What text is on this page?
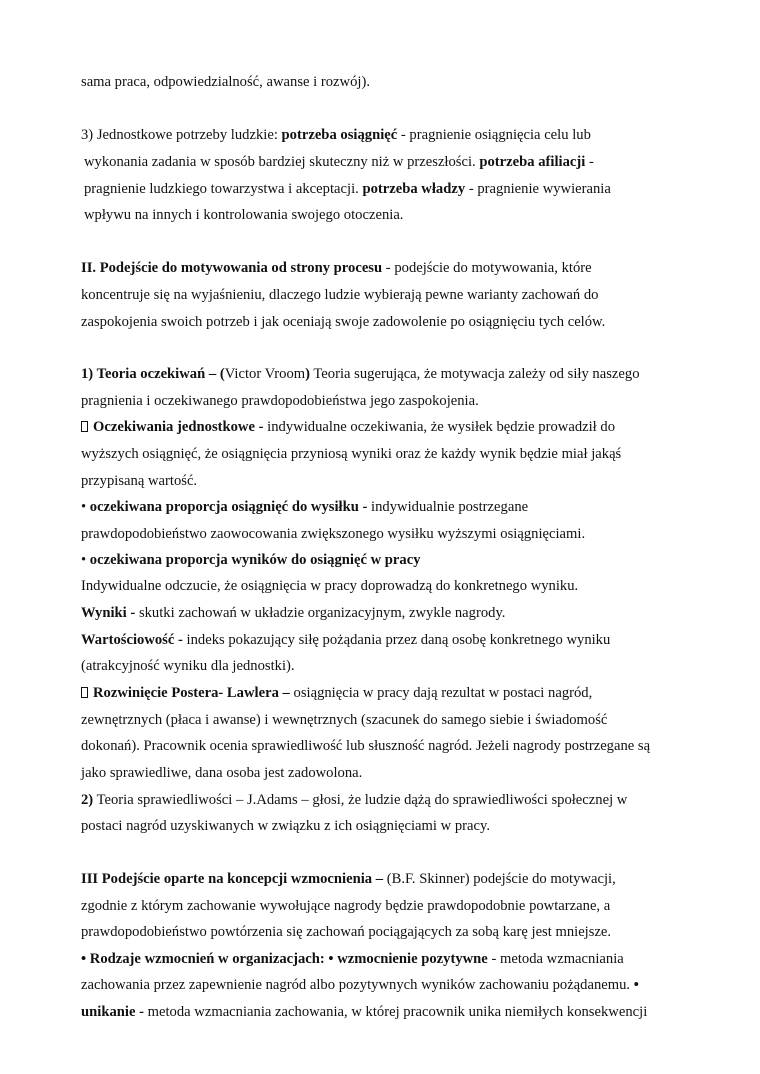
sama praca, odpowiedzialność, awanse i rozwój).
3) Jednostkowe potrzeby ludzkie: potrzeba osiągnięć - pragnienie osiągnięcia celu lub
wykonania zadania w sposób bardziej skuteczny niż w przeszłości. potrzeba afiliacji -
pragnienie ludzkiego towarzystwa i akceptacji. potrzeba władzy - pragnienie wywierania
wpływu na innych i kontrolowania swojego otoczenia.
II. Podejście do motywowania od strony procesu - podejście do motywowania, które
koncentruje się na wyjaśnieniu, dlaczego ludzie wybierają pewne warianty zachowań do
zaspokojenia swoich potrzeb i jak oceniają swoje zadowolenie po osiągnięciu tych celów.
1) Teoria oczekiwań – (Victor Vroom) Teoria sugerująca, że motywacja zależy od siły naszego
pragnienia i oczekiwanego prawdopodobieństwa jego zaspokojenia.
Oczekiwania jednostkowe - indywidualne oczekiwania, że wysiłek będzie prowadził do
wyższych osiągnięć, że osiągnięcia przyniosą wyniki oraz że każdy wynik będzie miał jakąś
przypisaną wartość.
• oczekiwana proporcja osiągnięć do wysiłku - indywidualnie postrzegane
prawdopodobieństwo zaowocowania zwiększonego wysiłku wyższymi osiągnięciami.
• oczekiwana proporcja wyników do osiągnięć w pracy
Indywidualne odczucie, że osiągnięcia w pracy doprowadzą do konkretnego wyniku.
Wyniki - skutki zachowań w układzie organizacyjnym, zwykle nagrody.
Wartościowość - indeks pokazujący siłę pożądania przez daną osobę konkretnego wyniku
(atrakcyjność wyniku dla jednostki).
Rozwinięcie Postera- Lawlera – osiągnięcia w pracy dają rezultat w postaci nagród,
zewnętrznych (płaca i awanse) i wewnętrznych (szacunek do samego siebie i świadomość
dokonań). Pracownik ocenia sprawiedliwość lub słuszność nagród. Jeżeli nagrody postrzegane są
jako sprawiedliwe, dana osoba jest zadowolona.
2) Teoria sprawiedliwości – J.Adams – głosi, że ludzie dążą do sprawiedliwości społecznej w
postaci nagród uzyskiwanych w związku z ich osiągnięciami w pracy.
III Podejście oparte na koncepcji wzmocnienia – (B.F. Skinner) podejście do motywacji,
zgodnie z którym zachowanie wywołujące nagrody będzie prawdopodobnie powtarzane, a
prawdopodobieństwo powtórzenia się zachowań pociągających za sobą karę jest mniejsze.
• Rodzaje wzmocnień w organizacjach: • wzmocnienie pozytywne - metoda wzmacniania
zachowania przez zapewnienie nagród albo pozytywnych wyników zachowaniu pożądanemu. •
unikanie - metoda wzmacniania zachowania, w której pracownik unika niemiłych konsekwencji
